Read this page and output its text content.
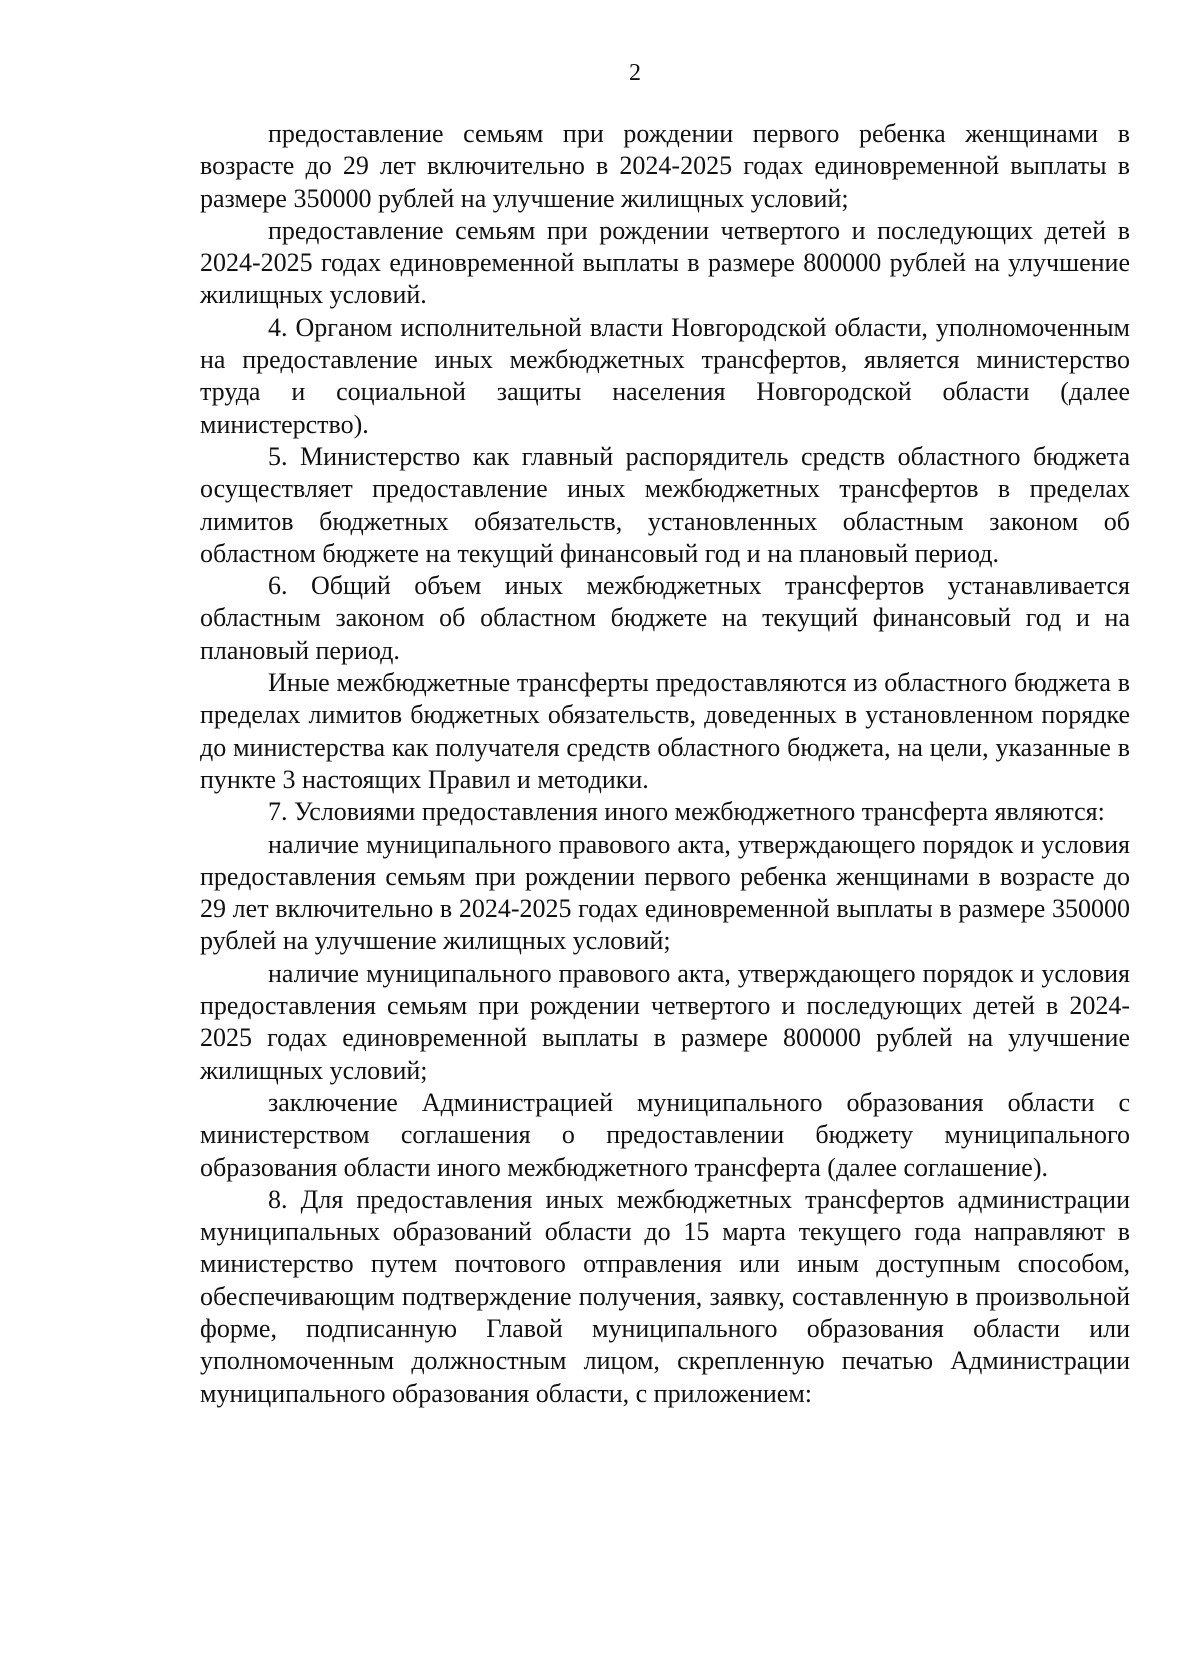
2

предоставление семьям при рождении первого ребенка женщинами в возрасте до 29 лет включительно в 2024-2025 годах единовременной выплаты в размере 350000 рублей на улучшение жилищных условий;

предоставление семьям при рождении четвертого и последующих детей в 2024-2025 годах единовременной выплаты в размере 800000 рублей на улучшение жилищных условий.

4. Органом исполнительной власти Новгородской области, уполномоченным на предоставление иных межбюджетных трансфертов, является министерство труда и социальной защиты населения Новгородской области (далее министерство).

5. Министерство как главный распорядитель средств областного бюджета осуществляет предоставление иных межбюджетных трансфертов в пределах лимитов бюджетных обязательств, установленных областным законом об областном бюджете на текущий финансовый год и на плановый период.

6. Общий объем иных межбюджетных трансфертов устанавливается областным законом об областном бюджете на текущий финансовый год и на плановый период.

Иные межбюджетные трансферты предоставляются из областного бюджета в пределах лимитов бюджетных обязательств, доведенных в установленном порядке до министерства как получателя средств областного бюджета, на цели, указанные в пункте 3 настоящих Правил и методики.

7. Условиями предоставления иного межбюджетного трансферта являются:

наличие муниципального правового акта, утверждающего порядок и условия предоставления семьям при рождении первого ребенка женщинами в возрасте до 29 лет включительно в 2024-2025 годах единовременной выплаты в размере 350000 рублей на улучшение жилищных условий;

наличие муниципального правового акта, утверждающего порядок и условия предоставления семьям при рождении четвертого и последующих детей в 2024-2025 годах единовременной выплаты в размере 800000 рублей на улучшение жилищных условий;

заключение Администрацией муниципального образования области с министерством соглашения о предоставлении бюджету муниципального образования области иного межбюджетного трансферта (далее соглашение).

8. Для предоставления иных межбюджетных трансфертов администрации муниципальных образований области до 15 марта текущего года направляют в министерство путем почтового отправления или иным доступным способом, обеспечивающим подтверждение получения, заявку, составленную в произвольной форме, подписанную Главой муниципального образования области или уполномоченным должностным лицом, скрепленную печатью Администрации муниципального образования области, с приложением:
